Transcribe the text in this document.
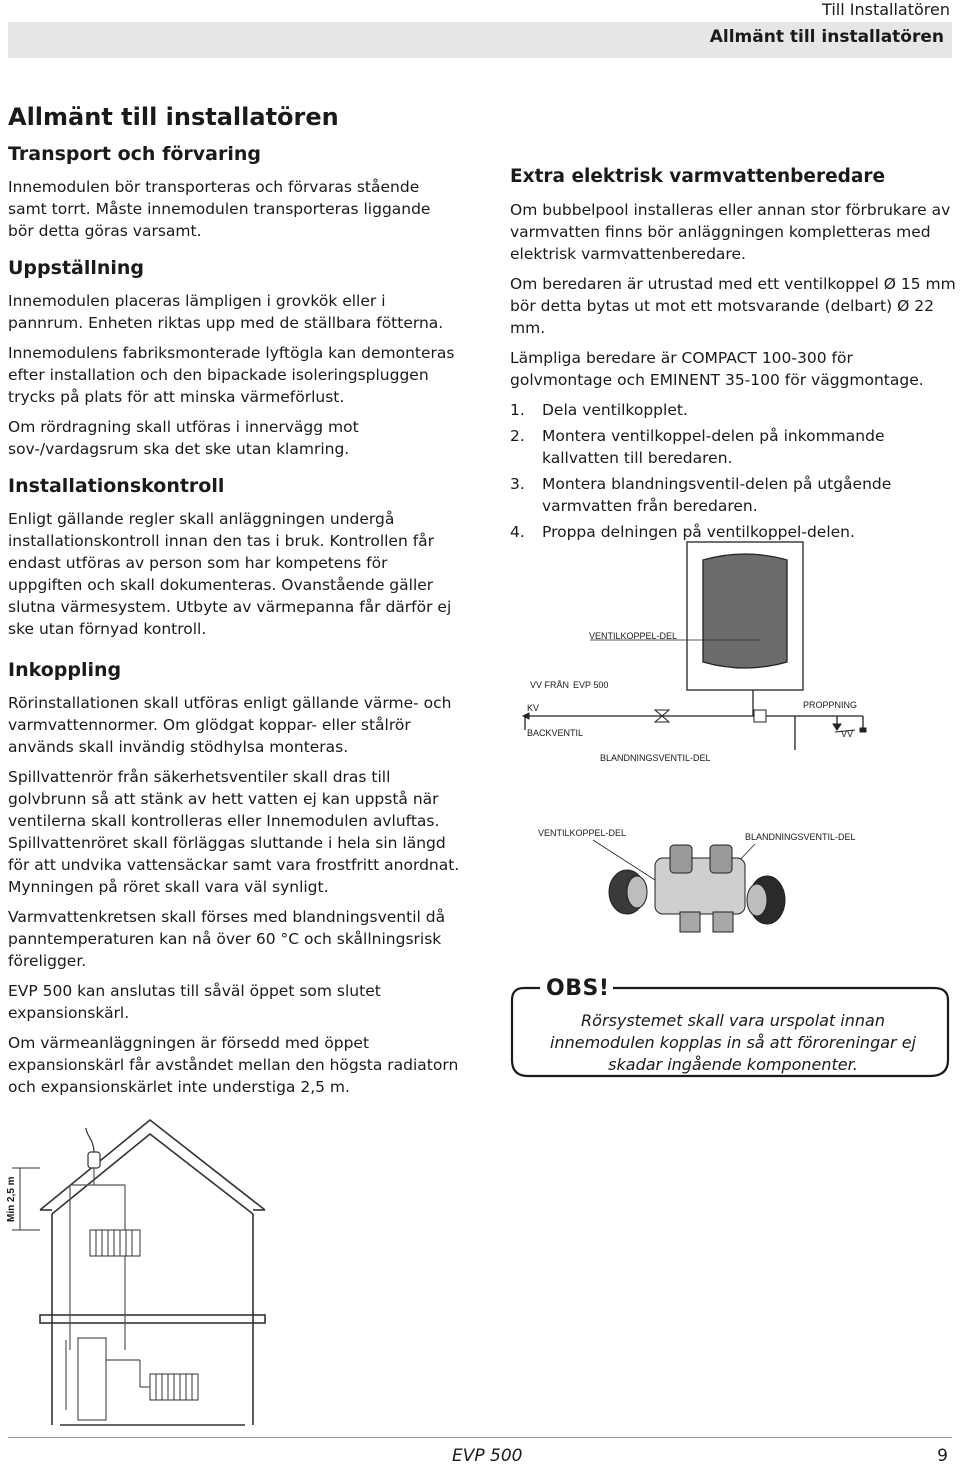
Till Installatören
Allmänt till installatören
Allmänt till installatören
Transport och förvaring

Innemodulen bör transporteras och förvaras stående samt torrt. Måste innemodulen transporteras liggande bör detta göras varsamt.

Uppställning

Innemodulen placeras lämpligen i grovkök eller i pannrum. Enheten riktas upp med de ställbara fötterna.

Innemodulens fabriksmonterade lyftögla kan demonteras efter installation och den bipackade isoleringspluggen trycks på plats för att minska värmeförlust.

Om rördragning skall utföras i innervägg mot sov-/vardagsrum ska det ske utan klamring.

Installationskontroll

Enligt gällande regler skall anläggningen undergå installationskontroll innan den tas i bruk. Kontrollen får endast utföras av person som har kompetens för uppgiften och skall dokumenteras. Ovanstående gäller slutna värmesystem. Utbyte av värmepanna får därför ej ske utan förnyad kontroll.

Inkoppling

Rörinstallationen skall utföras enligt gällande värme- och varmvattennormer. Om glödgat koppar- eller stålrör används skall invändig stödhylsa monteras.

Spillvattenrör från säkerhetsventiler skall dras till golvbrunn så att stänk av hett vatten ej kan uppstå när ventilerna skall kontrolleras eller Innemodulen avluftas. Spillvattenröret skall förläggas sluttande i hela sin längd för att undvika vattensäckar samt vara frostfritt anordnat. Mynningen på röret skall vara väl synligt.

Varmvattenkretsen skall förses med blandningsventil då panntemperaturen kan nå över 60 °C och skållningsrisk föreligger.

EVP 500 kan anslutas till såväl öppet som slutet expansionskärl.

Om värmeanläggningen är försedd med öppet expansionskärl får avståndet mellan den högsta radiatorn och expansionskärlet inte understiga 2,5 m.

Min 2,5 m
Extra elektrisk varmvattenberedare

Om bubbelpool installeras eller annan stor förbrukare av varmvatten finns bör anläggningen kompletteras med elektrisk varmvattenberedare.

Om beredaren är utrustad med ett ventilkoppel Ø 15 mm bör detta bytas ut mot ett motsvarande (delbart) Ø 22 mm.

Lämpliga beredare är COMPACT 100-300 för golvmontage och EMINENT 35-100 för väggmontage.

1.	Dela ventilkopplet.
2.	Montera ventilkoppel-delen på inkommande kallvatten till beredaren.
3.	Montera blandningsventil-delen på utgående varmvatten från beredaren.
4.	Proppa delningen på ventilkoppel-delen.
VENTILKOPPEL-DEL
VV FRÅN EVP 500
KV
BACKVENTIL
BLANDNINGSVENTIL-DEL
PROPPNING
VV
VENTILKOPPEL-DEL	BLANDNINGSVENTIL-DEL
OBS!
Rörsystemet skall vara urspolat innan innemodulen kopplas in så att föroreningar ej skadar ingående komponenter.
EVP 500	9
